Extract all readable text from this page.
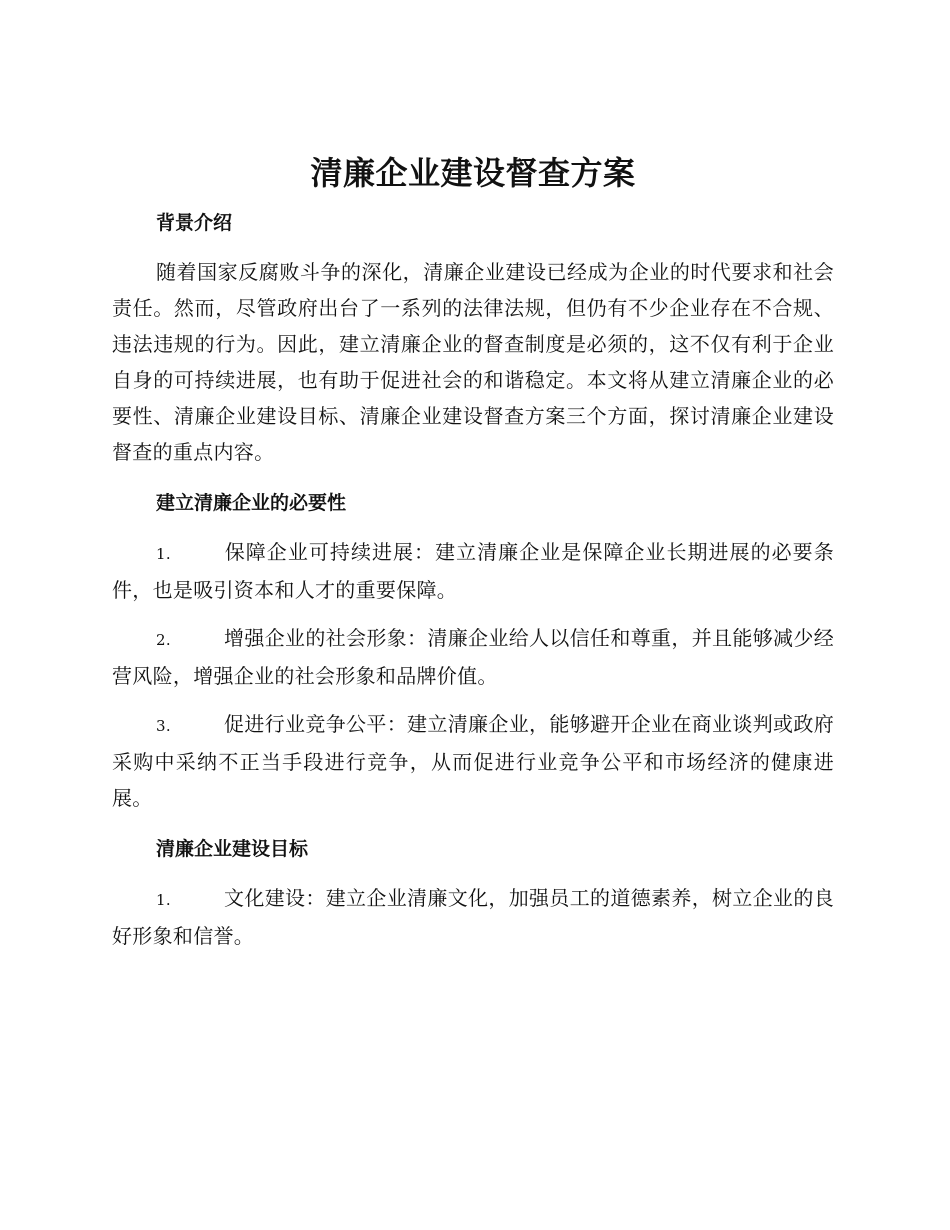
清廉企业建设督查方案
背景介绍

随着国家反腐败斗争的深化，清廉企业建设已经成为企业的时代要求和社会责任。然而，尽管政府出台了一系列的法律法规，但仍有不少企业存在不合规、违法违规的行为。因此，建立清廉企业的督查制度是必须的，这不仅有利于企业自身的可持续进展，也有助于促进社会的和谐稳定。本文将从建立清廉企业的必要性、清廉企业建设目标、清廉企业建设督查方案三个方面，探讨清廉企业建设督查的重点内容。

建立清廉企业的必要性

1.	保障企业可持续进展：建立清廉企业是保障企业长期进展的必要条件，也是吸引资本和人才的重要保障。

2.	增强企业的社会形象：清廉企业给人以信任和尊重，并且能够减少经营风险，增强企业的社会形象和品牌价值。

3.	促进行业竞争公平：建立清廉企业，能够避开企业在商业谈判或政府采购中采纳不正当手段进行竞争，从而促进行业竞争公平和市场经济的健康进展。

清廉企业建设目标

1.	文化建设：建立企业清廉文化，加强员工的道德素养，树立企业的良好形象和信誉。
